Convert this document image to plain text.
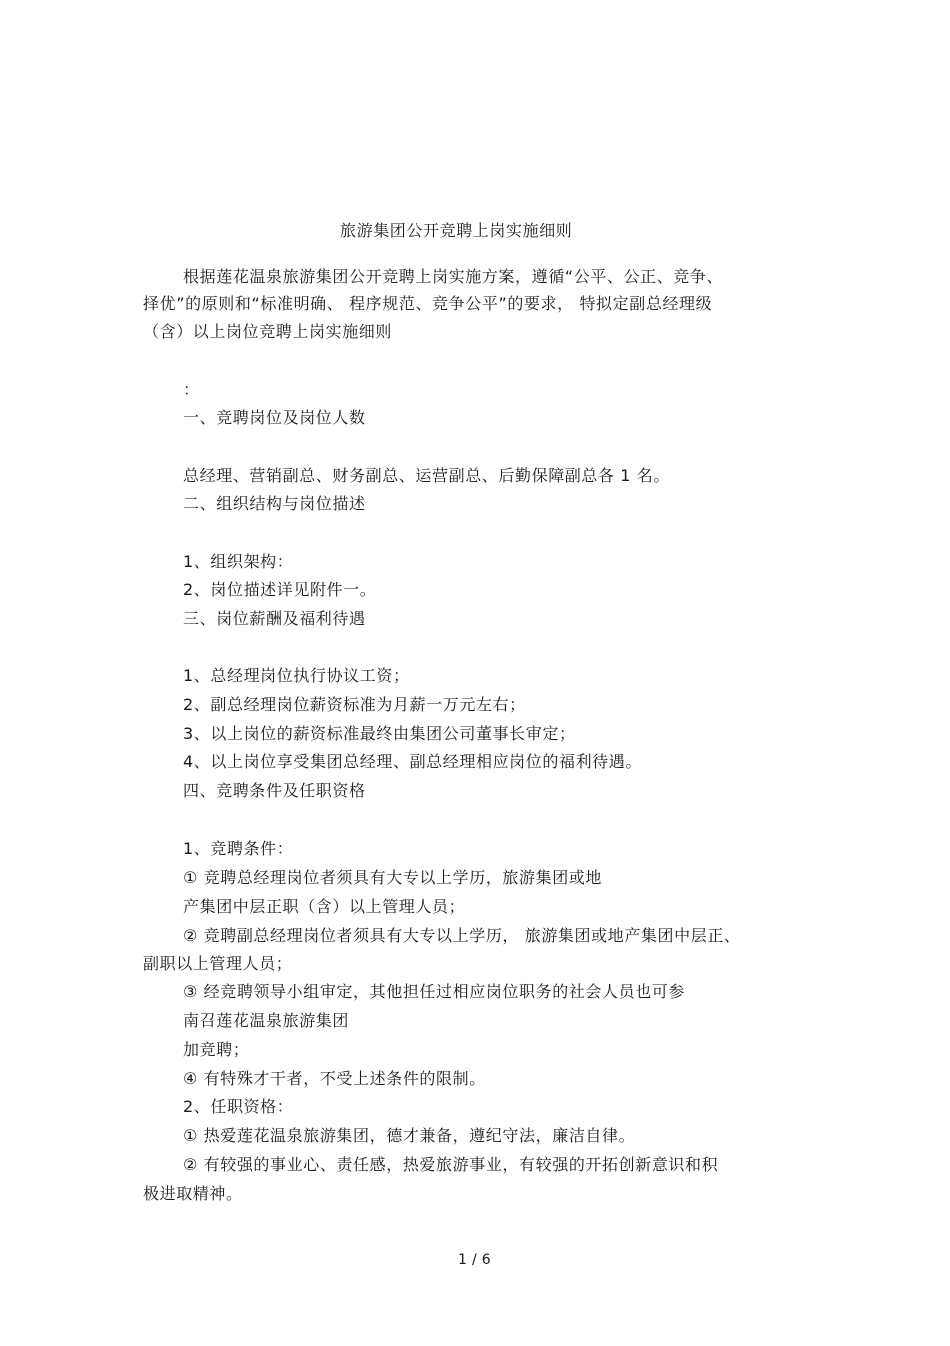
旅游集团公开竞聘上岗实施细则
根据莲花温泉旅游集团公开竞聘上岗实施方案，遵循“公平、公正、竞争、
择优”的原则和“标准明确、 程序规范、竞争公平”的要求， 特拟定副总经理级
（含）以上岗位竞聘上岗实施细则
：
一、竞聘岗位及岗位人数
总经理、营销副总、财务副总、运营副总、后勤保障副总各 1 名。
二、组织结构与岗位描述
1、组织架构：
2、岗位描述详见附件一。
三、岗位薪酬及福利待遇
1、总经理岗位执行协议工资；
2、副总经理岗位薪资标准为月薪一万元左右；
3、以上岗位的薪资标准最终由集团公司董事长审定；
4、以上岗位享受集团总经理、副总经理相应岗位的福利待遇。
四、竞聘条件及任职资格
1、竞聘条件：
① 竞聘总经理岗位者须具有大专以上学历，旅游集团或地
产集团中层正职（含）以上管理人员；
② 竞聘副总经理岗位者须具有大专以上学历， 旅游集团或地产集团中层正、
副职以上管理人员；
③ 经竞聘领导小组审定，其他担任过相应岗位职务的社会人员也可参
南召莲花温泉旅游集团
加竞聘；
④ 有特殊才干者，不受上述条件的限制。
2、任职资格：
① 热爱莲花温泉旅游集团，德才兼备，遵纪守法，廉洁自律。
② 有较强的事业心、责任感，热爱旅游事业，有较强的开拓创新意识和积
极进取精神。
1 / 6
